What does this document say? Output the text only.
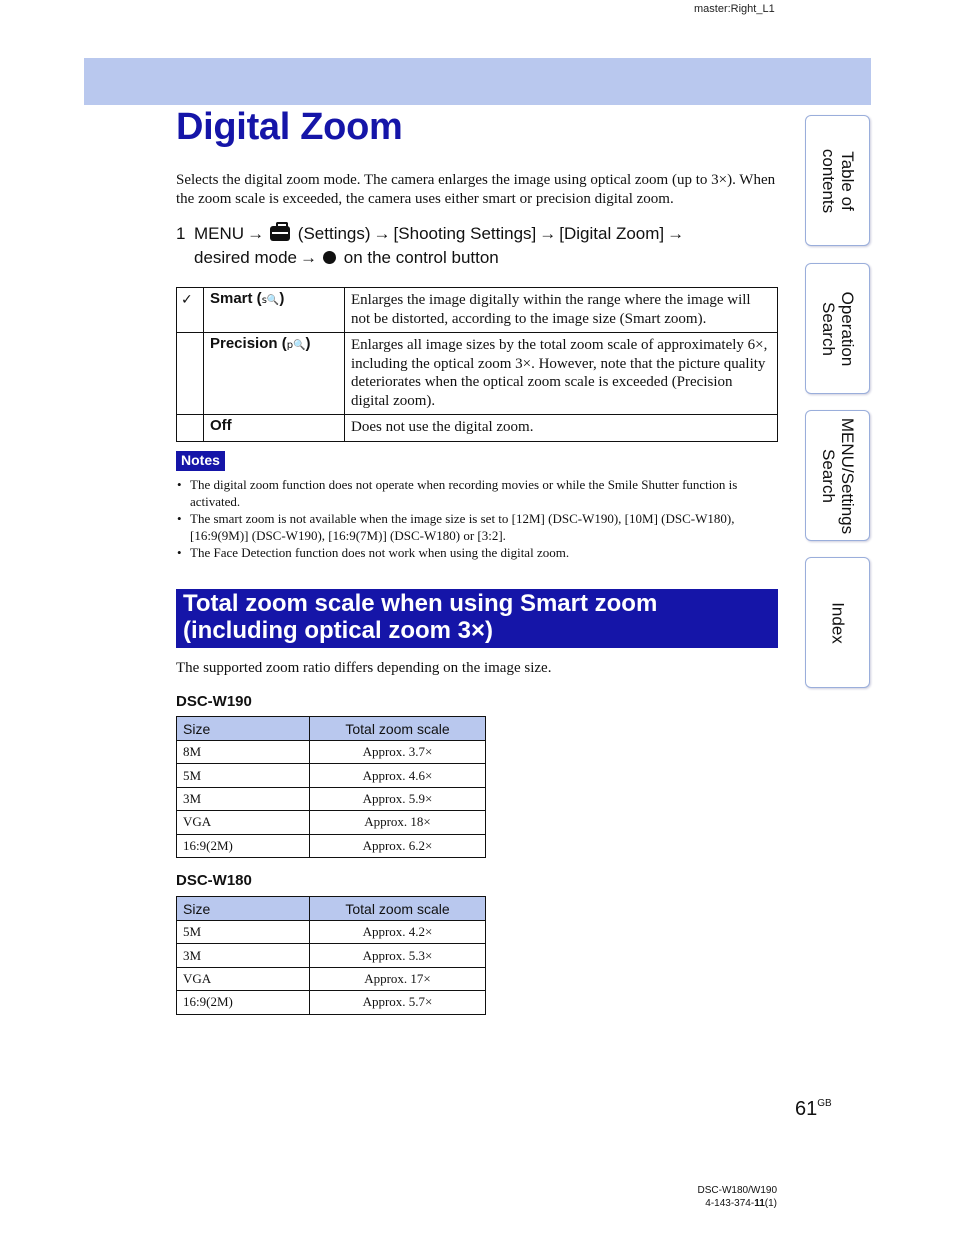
master:Right_L1
Digital Zoom

Selects the digital zoom mode. The camera enlarges the image using optical zoom (up to 3×). When the zoom scale is exceeded, the camera uses either smart or precision digital zoom.

1 MENU → (Settings) → [Shooting Settings] → [Digital Zoom] →
desired mode → on the control button
✓	Smart (s🔍)	Enlarges the image digitally within the range where the image will not be distorted, according to the image size (Smart zoom).
	Precision (p🔍)	Enlarges all image sizes by the total zoom scale of approximately 6×, including the optical zoom 3×. However, note that the picture quality deteriorates when the optical zoom scale is exceeded (Precision digital zoom).
	Off	Does not use the digital zoom.
Notes
• The digital zoom function does not operate when recording movies or while the Smile Shutter function is activated.
• The smart zoom is not available when the image size is set to [12M] (DSC-W190), [10M] (DSC-W180), [16:9(9M)] (DSC-W190), [16:9(7M)] (DSC-W180) or [3:2].
• The Face Detection function does not work when using the digital zoom.
Total zoom scale when using Smart zoom
(including optical zoom 3×)

The supported zoom ratio differs depending on the image size.

DSC-W190
Size	Total zoom scale
8M	Approx. 3.7×
5M	Approx. 4.6×
3M	Approx. 5.9×
VGA	Approx. 18×
16:9(2M)	Approx. 6.2×
DSC-W180
Size	Total zoom scale
5M	Approx. 4.2×
3M	Approx. 5.3×
VGA	Approx. 17×
16:9(2M)	Approx. 5.7×
Table of
contents
Operation
Search
MENU/Settings
Search
Index
$61^{GB}$
DSC-W180/W190
4-143-374-11(1)
